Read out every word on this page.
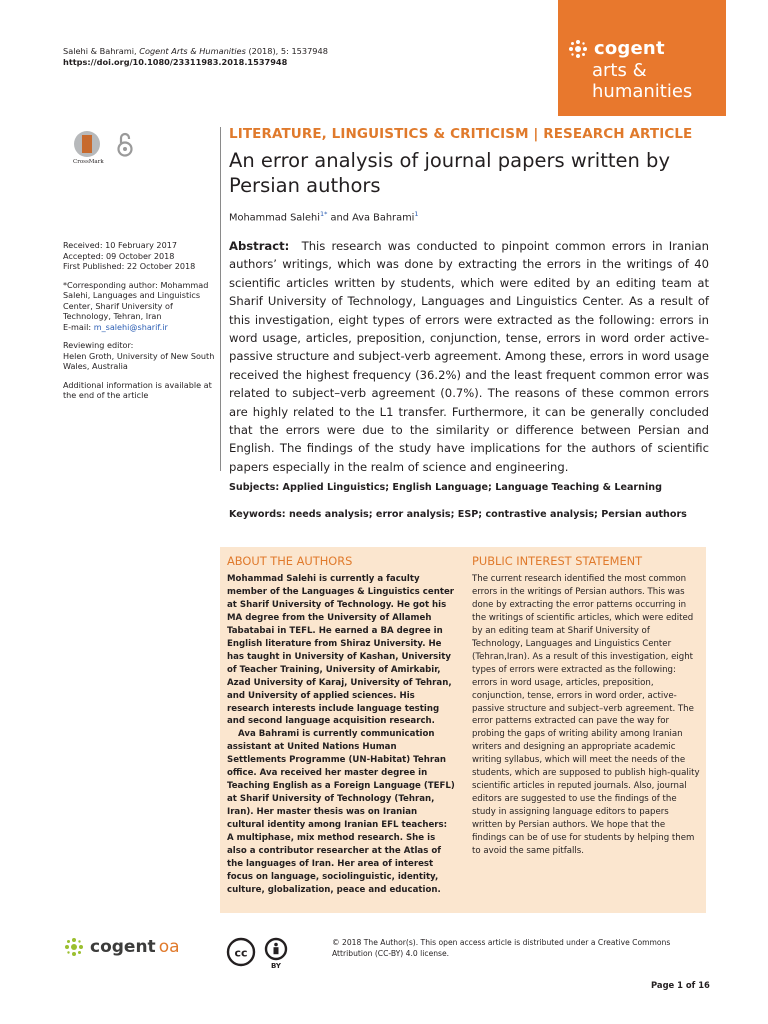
Salehi & Bahrami, Cogent Arts & Humanities (2018), 5: 1537948
https://doi.org/10.1080/23311983.2018.1537948
cogent
arts &
humanities
CrossMark
LITERATURE, LINGUISTICS & CRITICISM | RESEARCH ARTICLE
An error analysis of journal papers written by Persian authors
Mohammad Salehi$^{1*}$ and Ava Bahrami$^1$

Received: 10 February 2017
Accepted: 09 October 2018
First Published: 22 October 2018

*Corresponding author: Mohammad Salehi, Languages and Linguistics Center, Sharif University of Technology, Tehran, Iran
E-mail: m_salehi@sharif.ir

Reviewing editor:
Helen Groth, University of New South Wales, Australia

Additional information is available at the end of the article

Abstract: This research was conducted to pinpoint common errors in Iranian authors’ writings, which was done by extracting the errors in the writings of 40 scientific articles written by students, which were edited by an editing team at Sharif University of Technology, Languages and Linguistics Center. As a result of this investigation, eight types of errors were extracted as the following: errors in word usage, articles, preposition, conjunction, tense, errors in word order active-passive structure and subject-verb agreement. Among these, errors in word usage received the highest frequency (36.2%) and the least frequent common error was related to subject–verb agreement (0.7%). The reasons of these common errors are highly related to the L1 transfer. Furthermore, it can be generally concluded that the errors were due to the similarity or difference between Persian and English. The findings of the study have implications for the authors of scientific papers especially in the realm of science and engineering.
Subjects: Applied Linguistics; English Language; Language Teaching & Learning
Keywords: needs analysis; error analysis; ESP; contrastive analysis; Persian authors
ABOUT THE AUTHORS

Mohammad Salehi is currently a faculty member of the Languages & Linguistics center at Sharif University of Technology. He got his MA degree from the University of Allameh Tabatabai in TEFL. He earned a BA degree in English literature from Shiraz University. He has taught in University of Kashan, University of Teacher Training, University of Amirkabir, Azad University of Karaj, University of Tehran, and University of applied sciences. His research interests include language testing and second language acquisition research.

Ava Bahrami is currently communication assistant at United Nations Human Settlements Programme (UN-Habitat) Tehran office. Ava received her master degree in Teaching English as a Foreign Language (TEFL) at Sharif University of Technology (Tehran, Iran). Her master thesis was on Iranian cultural identity among Iranian EFL teachers: A multiphase, mix method research. She is also a contributor researcher at the Atlas of the languages of Iran. Her area of interest focus on language, sociolinguistic, identity, culture, globalization, peace and education.

PUBLIC INTEREST STATEMENT
The current research identified the most common errors in the writings of Persian authors. This was done by extracting the error patterns occurring in the writings of scientific articles, which were edited by an editing team at Sharif University of Technology, Languages and Linguistics Center (Tehran,Iran). As a result of this investigation, eight types of errors were extracted as the following: errors in word usage, articles, preposition, conjunction, tense, errors in word order, active-passive structure and subject–verb agreement. The error patterns extracted can pave the way for probing the gaps of writing ability among Iranian writers and designing an appropriate academic writing syllabus, which will meet the needs of the students, which are supposed to publish high-quality scientific articles in reputed journals. Also, journal editors are suggested to use the findings of the study in assigning language editors to papers written by Persian authors. We hope that the findings can be of use for students by helping them to avoid the same pitfalls.
cogent oa	cc
BY
© 2018 The Author(s). This open access article is distributed under a Creative Commons Attribution (CC-BY) 4.0 license.
Page 1 of 16
